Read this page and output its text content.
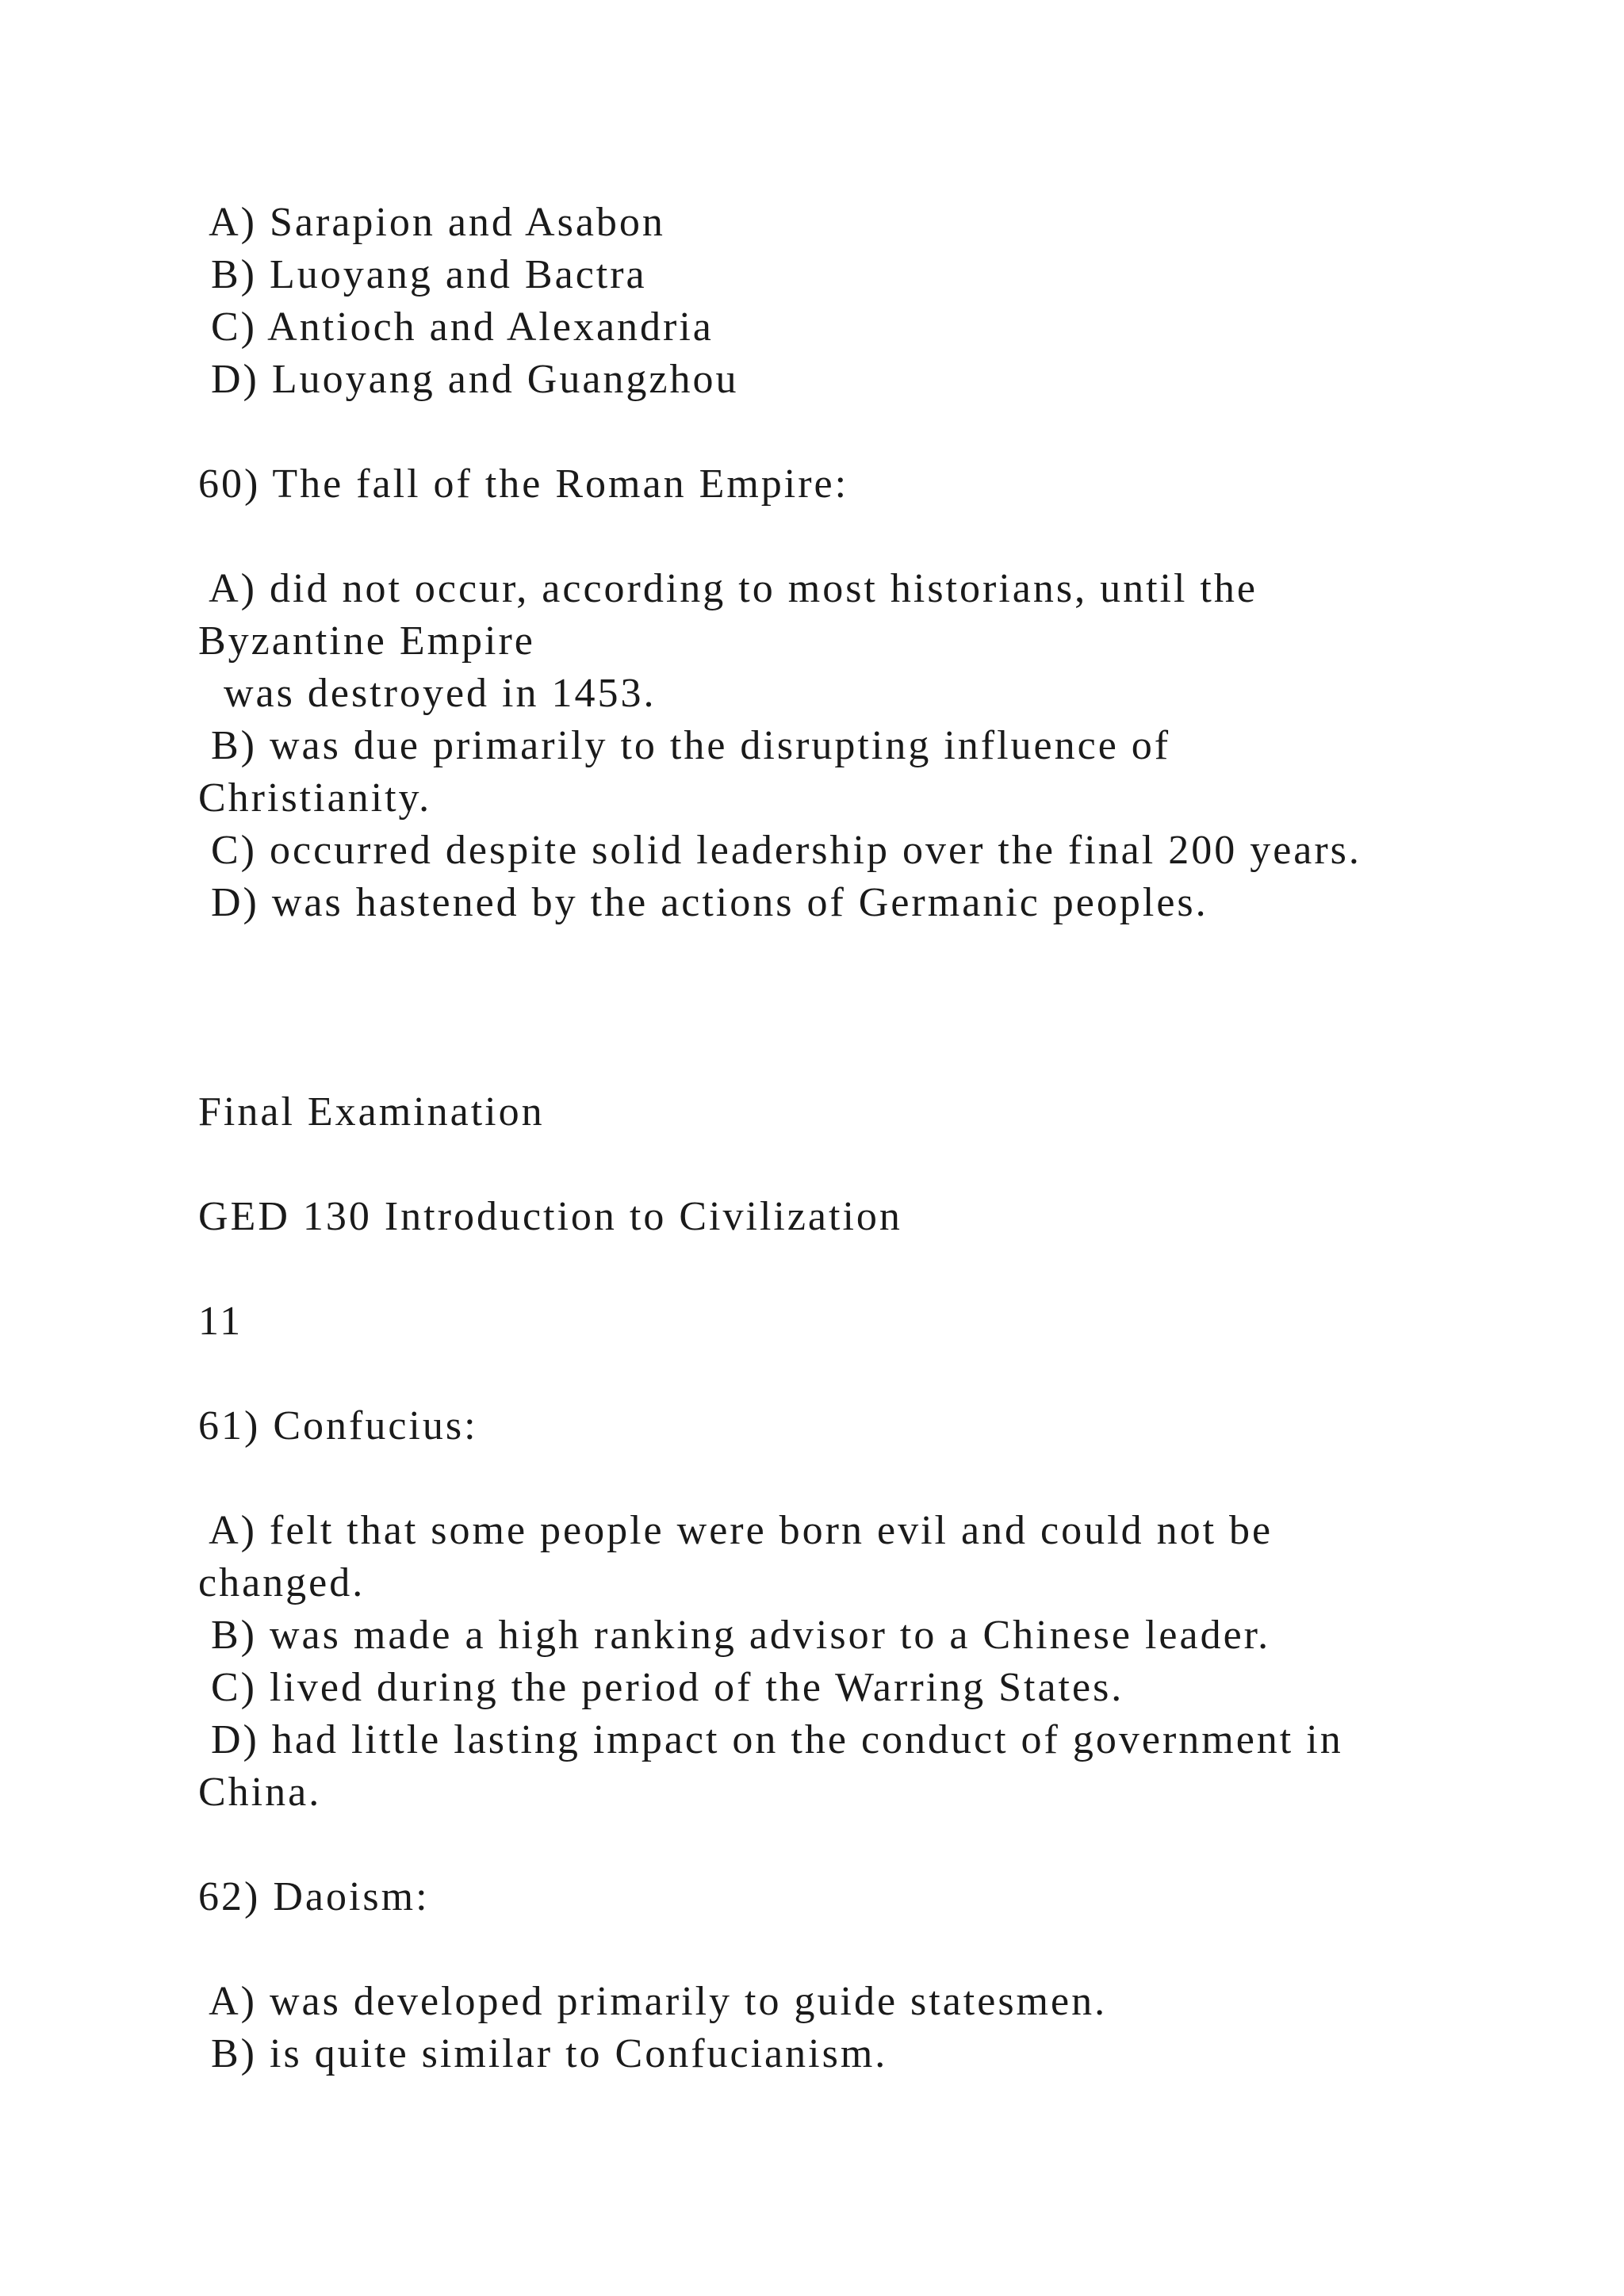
A) Sarapion and Asabon
B) Luoyang and Bactra
C) Antioch and Alexandria
D) Luoyang and Guangzhou
60) The fall of the Roman Empire:
A) did not occur, according to most historians, until the
Byzantine Empire
was destroyed in 1453.
B) was due primarily to the disrupting influence of
Christianity.
C) occurred despite solid leadership over the final 200 years.
D) was hastened by the actions of Germanic peoples.
Final Examination
GED 130 Introduction to Civilization
11
61) Confucius:
A) felt that some people were born evil and could not be
changed.
B) was made a high ranking advisor to a Chinese leader.
C) lived during the period of the Warring States.
D) had little lasting impact on the conduct of government in
China.
62) Daoism:
A) was developed primarily to guide statesmen.
B) is quite similar to Confucianism.
